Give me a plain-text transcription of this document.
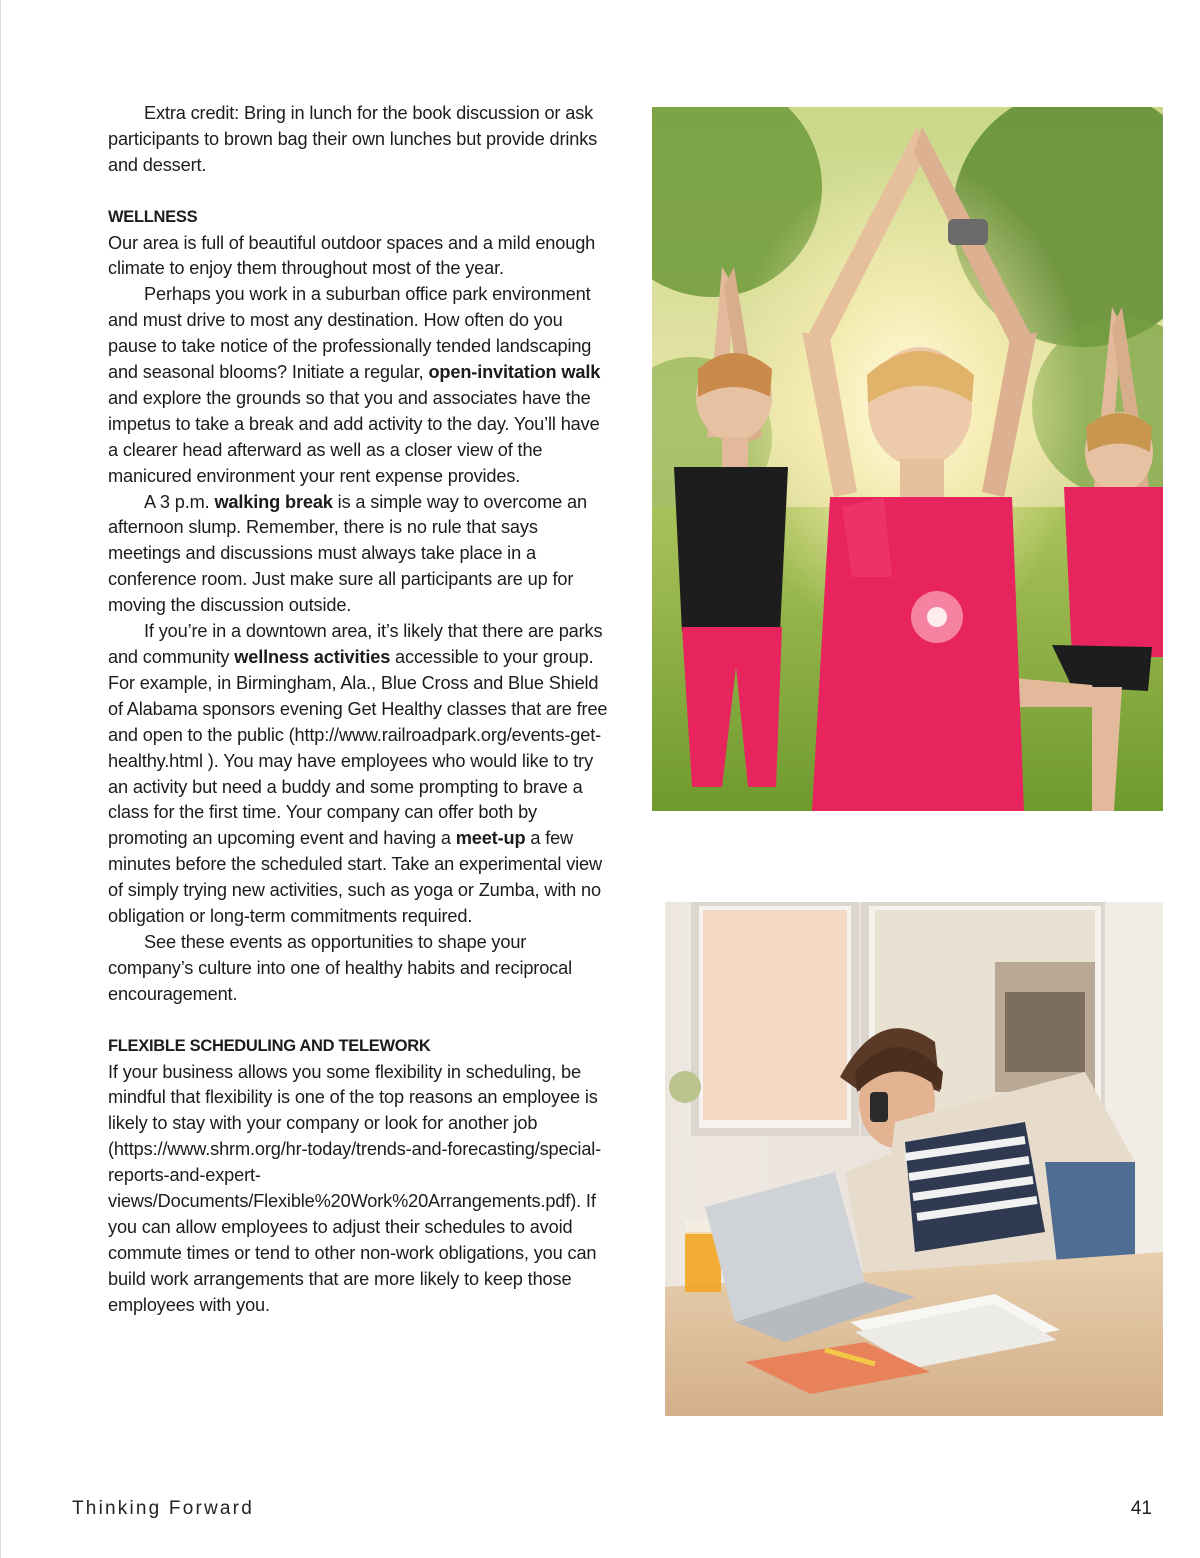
Extra credit: Bring in lunch for the book discussion or ask participants to brown bag their own lunches but provide drinks and dessert.

WELLNESS

Our area is full of beautiful outdoor spaces and a mild enough climate to enjoy them throughout most of the year.

Perhaps you work in a suburban office park environment and must drive to most any destination. How often do you pause to take notice of the professionally tended landscaping and seasonal blooms? Initiate a regular, open-invitation walk and explore the grounds so that you and associates have the impetus to take a break and add activity to the day. You’ll have a clearer head afterward as well as a closer view of the manicured environment your rent expense provides.

A 3 p.m. walking break is a simple way to overcome an afternoon slump. Remember, there is no rule that says meetings and discussions must always take place in a conference room. Just make sure all participants are up for moving the discussion outside.

If you’re in a downtown area, it’s likely that there are parks and community wellness activities accessible to your group. For example, in Birmingham, Ala., Blue Cross and Blue Shield of Alabama sponsors evening Get Healthy classes that are free and open to the public (http://www.railroadpark.org/events-get-healthy.html ). You may have employees who would like to try an activity but need a buddy and some prompting to brave a class for the first time. Your company can offer both by promoting an upcoming event and having a meet-up a few minutes before the scheduled start. Take an experimental view of simply trying new activities, such as yoga or Zumba, with no obligation or long-term commitments required.

See these events as opportunities to shape your company’s culture into one of healthy habits and reciprocal encouragement.

FLEXIBLE SCHEDULING AND TELEWORK

If your business allows you some flexibility in scheduling, be mindful that flexibility is one of the top reasons an employee is likely to stay with your company or look for another job (https://www.shrm.org/hr-today/trends-and-forecasting/special-reports-and-expert-views/Documents/Flexible%20Work%20Arrangements.pdf). If you can allow employees to adjust their schedules to avoid commute times or tend to other non-work obligations, you can build work arrangements that are more likely to keep those employees with you.

Thinking Forward	41
